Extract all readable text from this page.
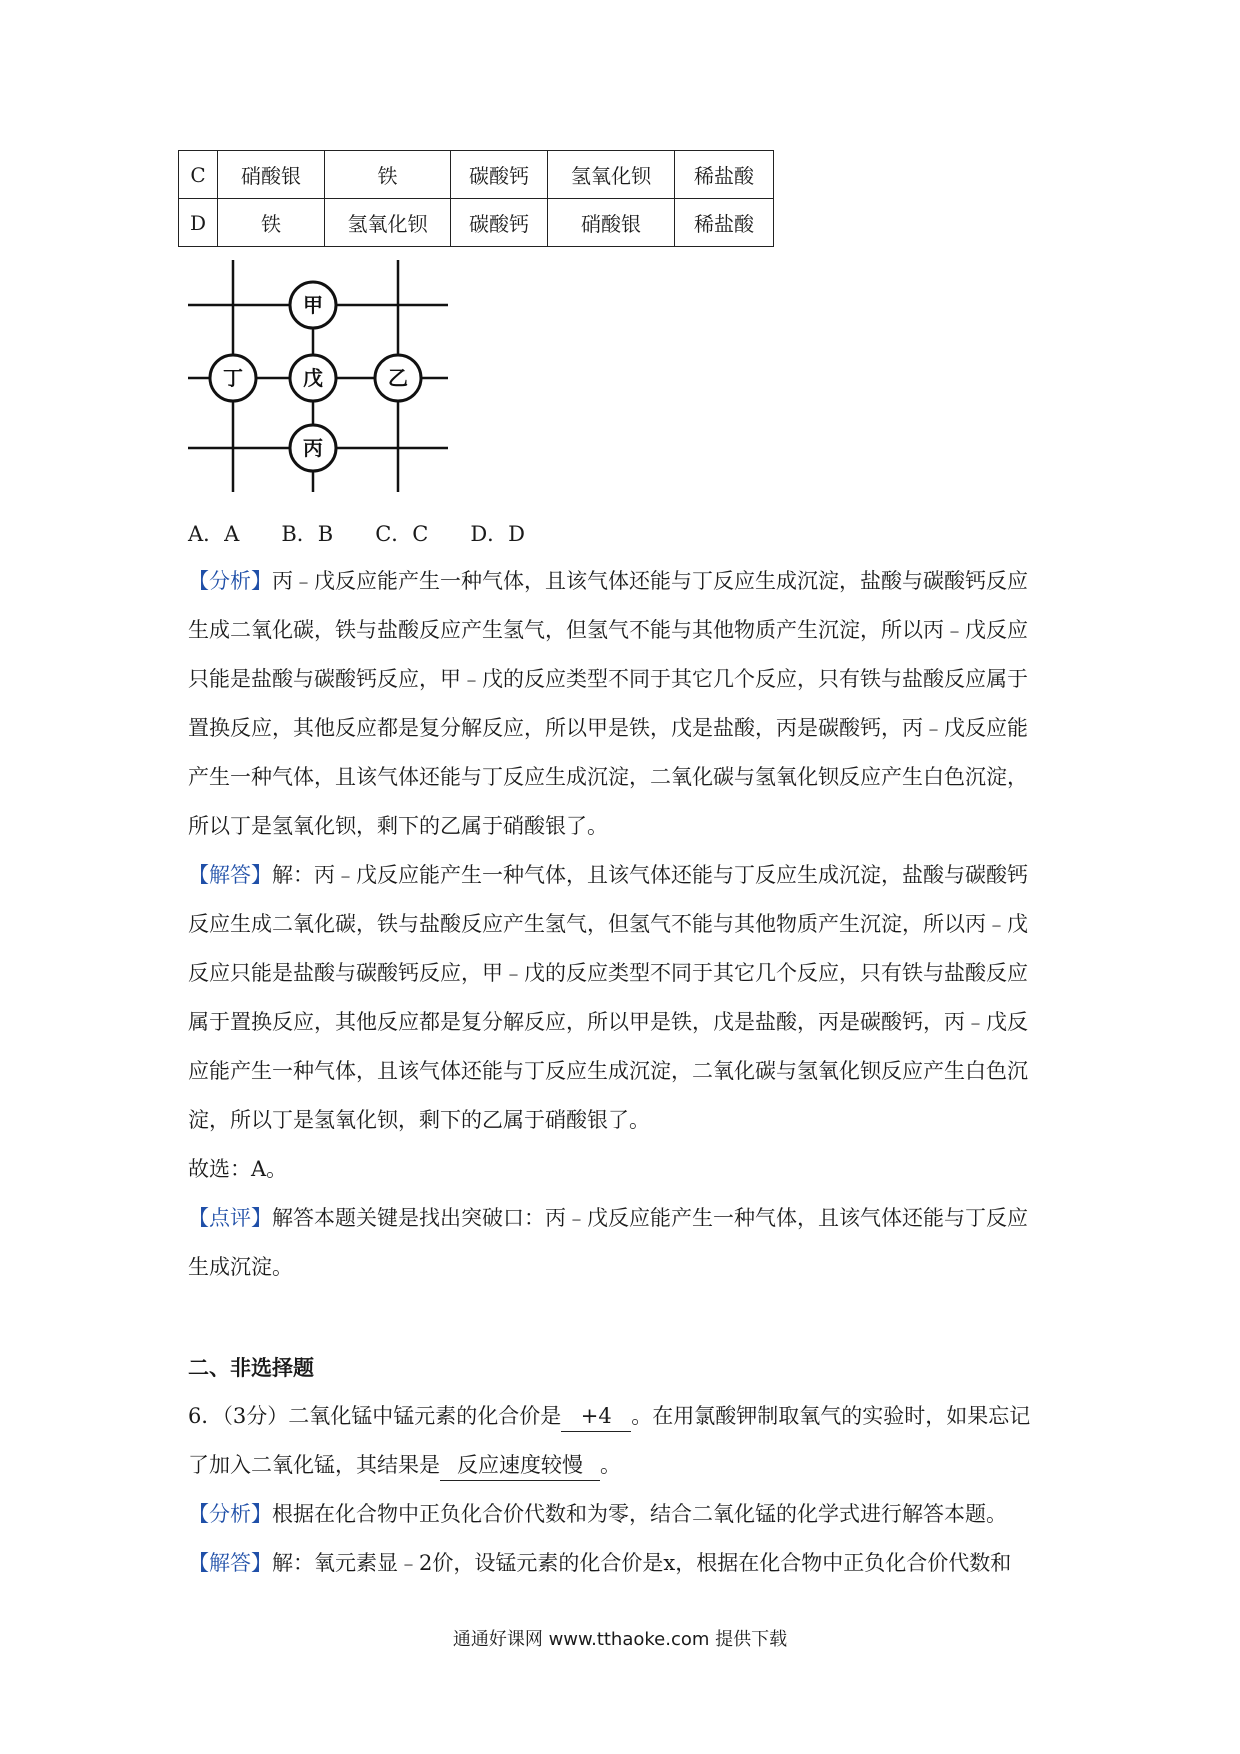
C	硝酸银	铁	碳酸钙	氢氧化钡	稀盐酸
D	铁	氢氧化钡	碳酸钙	硝酸银	稀盐酸
甲
丁	戊	乙
丙
A．A　　B．B　　C．C　　D．D
【分析】丙﹣戊反应能产生一种气体，且该气体还能与丁反应生成沉淀，盐酸与碳酸钙反应
生成二氧化碳，铁与盐酸反应产生氢气，但氢气不能与其他物质产生沉淀，所以丙﹣戊反应
只能是盐酸与碳酸钙反应，甲﹣戊的反应类型不同于其它几个反应，只有铁与盐酸反应属于
置换反应，其他反应都是复分解反应，所以甲是铁，戊是盐酸，丙是碳酸钙，丙﹣戊反应能
产生一种气体，且该气体还能与丁反应生成沉淀，二氧化碳与氢氧化钡反应产生白色沉淀，
所以丁是氢氧化钡，剩下的乙属于硝酸银了。
【解答】解：丙﹣戊反应能产生一种气体，且该气体还能与丁反应生成沉淀，盐酸与碳酸钙
反应生成二氧化碳，铁与盐酸反应产生氢气，但氢气不能与其他物质产生沉淀，所以丙﹣戊
反应只能是盐酸与碳酸钙反应，甲﹣戊的反应类型不同于其它几个反应，只有铁与盐酸反应
属于置换反应，其他反应都是复分解反应，所以甲是铁，戊是盐酸，丙是碳酸钙，丙﹣戊反
应能产生一种气体，且该气体还能与丁反应生成沉淀，二氧化碳与氢氧化钡反应产生白色沉
淀，所以丁是氢氧化钡，剩下的乙属于硝酸银了。
故选：A。
【点评】解答本题关键是找出突破口：丙﹣戊反应能产生一种气体，且该气体还能与丁反应
生成沉淀。
二、非选择题
6．（3分）二氧化锰中锰元素的化合价是 +4 。在用氯酸钾制取氧气的实验时，如果忘记
了加入二氧化锰，其结果是 反应速度较慢 。
【分析】根据在化合物中正负化合价代数和为零，结合二氧化锰的化学式进行解答本题。
【解答】解：氧元素显﹣2价，设锰元素的化合价是x，根据在化合物中正负化合价代数和
通通好课网 www.tthaoke.com 提供下载
